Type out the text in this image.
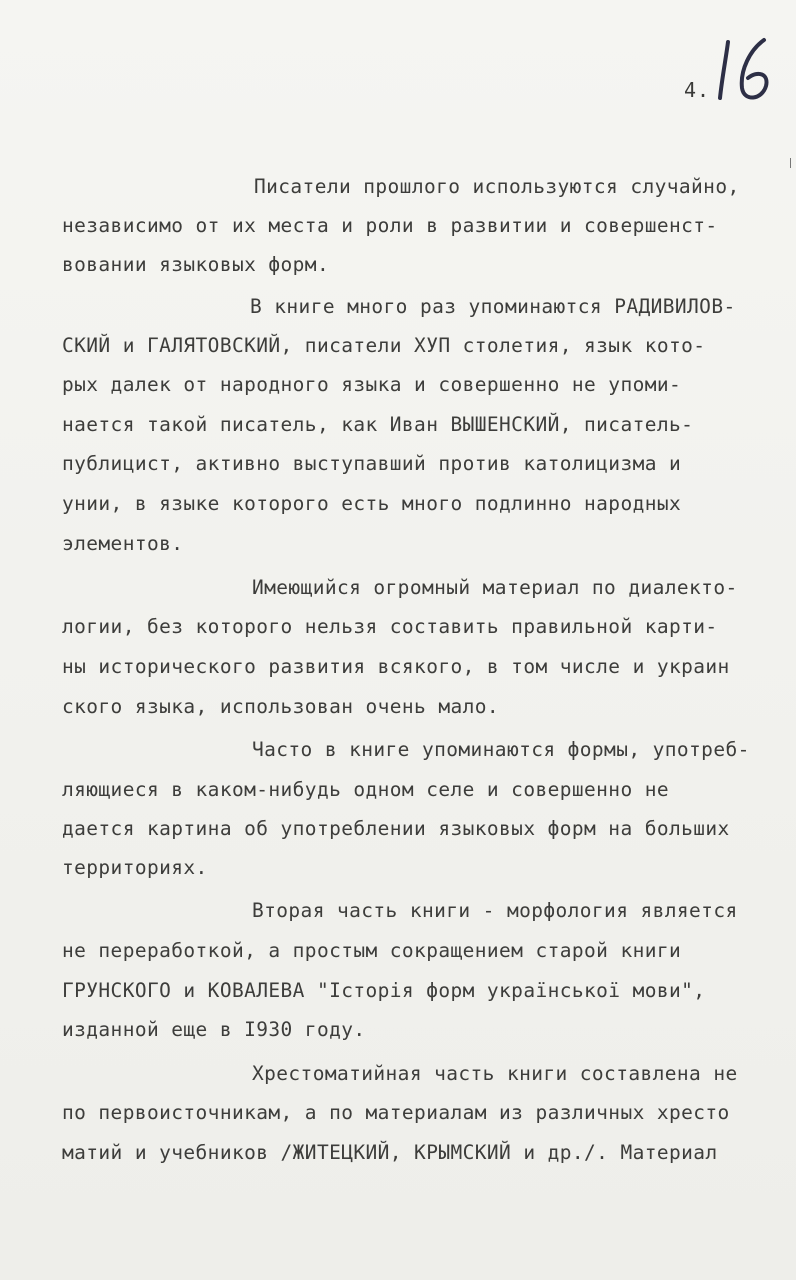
4.
Писатели прошлого используются случайно,
независимо от их места и роли в развитии и совершенст-
вовании языковых форм.
В книге много раз упоминаются РАДИВИЛОВ-
СКИЙ и ГАЛЯТОВСКИЙ, писатели ХУП столетия, язык кото-
рых далек от народного языка и совершенно не упоми-
нается такой писатель, как Иван ВЫШЕНСКИЙ, писатель-
публицист, активно выступавший против католицизма и
унии, в языке которого есть много подлинно народных
элементов.
Имеющийся огромный материал по диалекто-
логии, без которого нельзя составить правильной карти-
ны исторического развития всякого, в том числе и украин
ского языка, использован очень мало.
Часто в книге упоминаются формы, употреб-
ляющиеся в каком-нибудь одном селе и совершенно не
дается картина об употреблении языковых форм на больших
территориях.
Вторая часть книги - морфология является
не переработкой, а простым сокращением старой книги
ГРУНСКОГО и КОВАЛЕВА "Історія форм української мови",
изданной еще в I930 году.
Хрестоматийная часть книги составлена не
по первоисточникам, а по материалам из различных хресто
матий и учебников /ЖИТЕЦКИЙ, КРЫМСКИЙ и др./. Материал
